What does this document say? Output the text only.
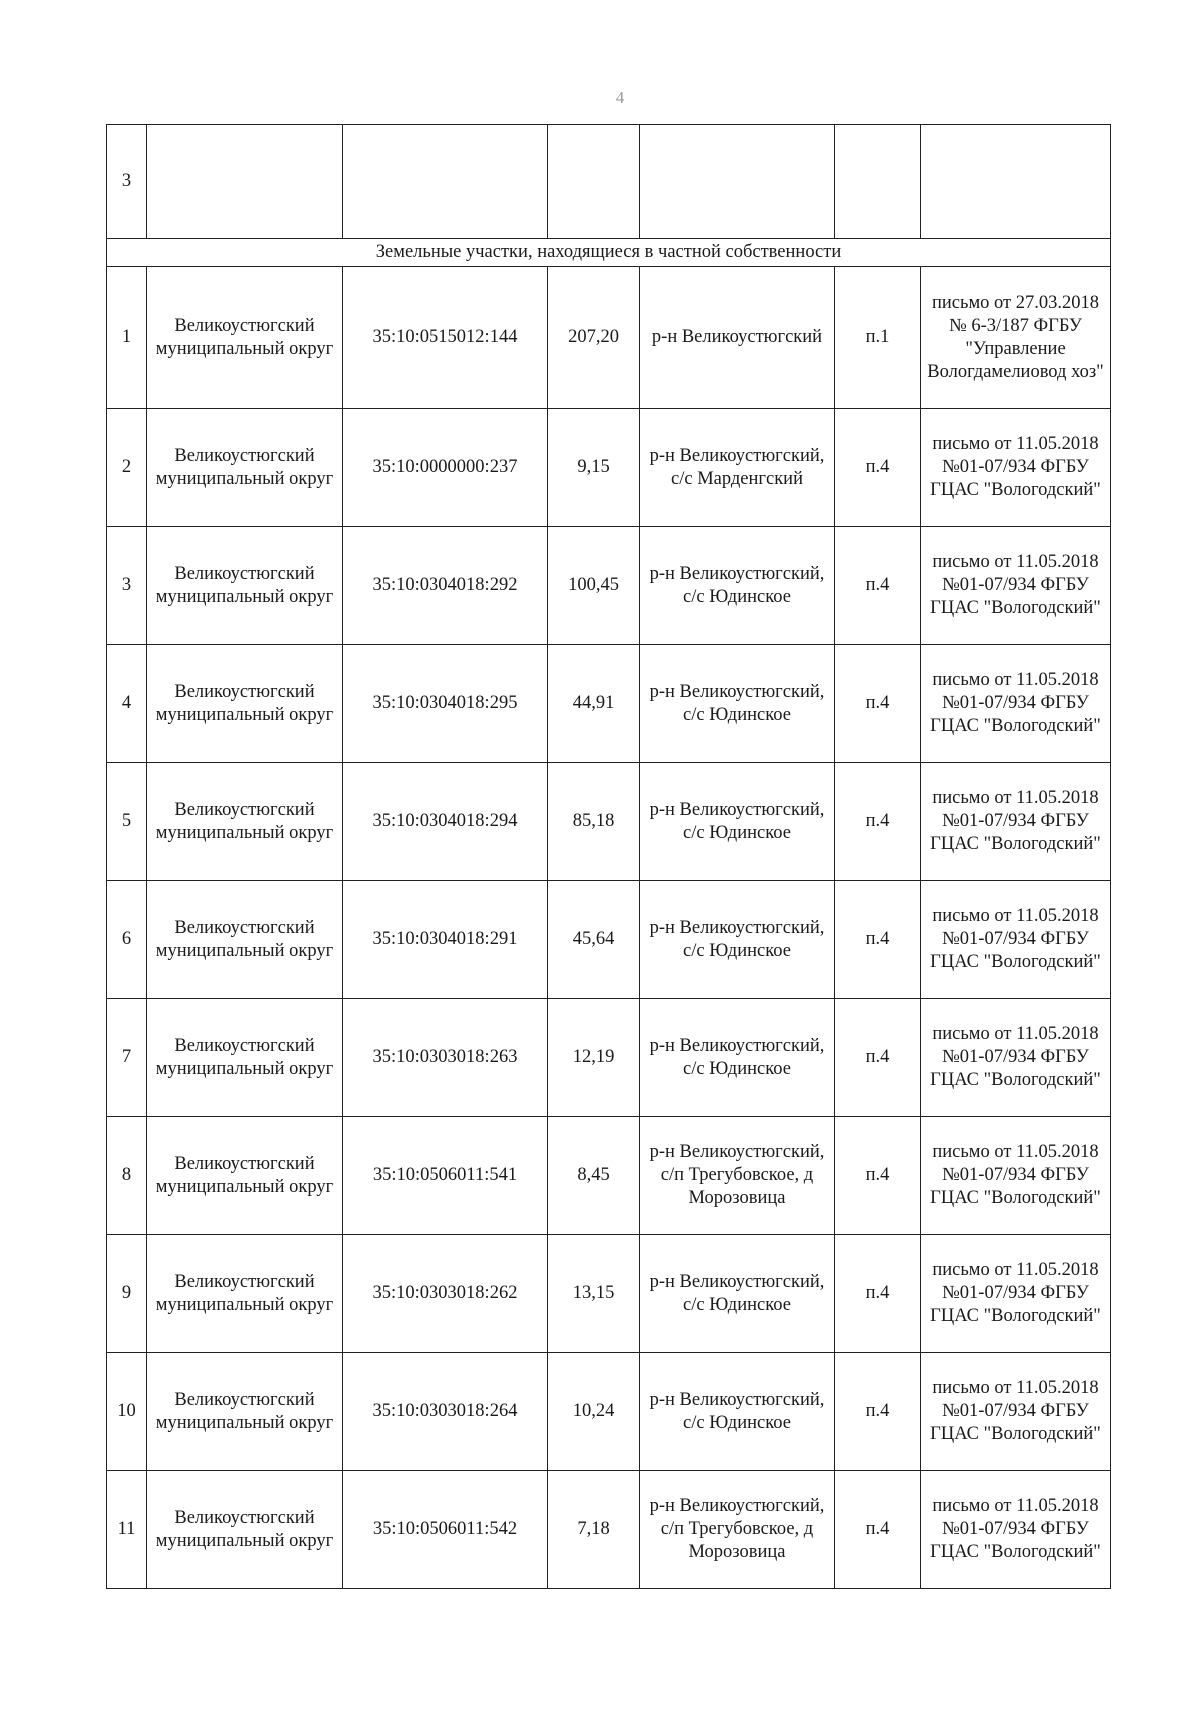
4
3						
Земельные участки, находящиеся в частной собственности						
1	Великоустюгский муниципальный округ	35:10:0515012:144	207,20	р-н Великоустюгский	п.1	письмо от 27.03.2018 № 6-3/187 ФГБУ "Управление Вологдамелиовод хоз"
2	Великоустюгский муниципальный округ	35:10:0000000:237	9,15	р-н Великоустюгский, с/с Марденгский	п.4	письмо от 11.05.2018 №01-07/934 ФГБУ ГЦАС "Вологодский"
3	Великоустюгский муниципальный округ	35:10:0304018:292	100,45	р-н Великоустюгский, с/с Юдинское	п.4	письмо от 11.05.2018 №01-07/934 ФГБУ ГЦАС "Вологодский"
4	Великоустюгский муниципальный округ	35:10:0304018:295	44,91	р-н Великоустюгский, с/с Юдинское	п.4	письмо от 11.05.2018 №01-07/934 ФГБУ ГЦАС "Вологодский"
5	Великоустюгский муниципальный округ	35:10:0304018:294	85,18	р-н Великоустюгский, с/с Юдинское	п.4	письмо от 11.05.2018 №01-07/934 ФГБУ ГЦАС "Вологодский"
6	Великоустюгский муниципальный округ	35:10:0304018:291	45,64	р-н Великоустюгский, с/с Юдинское	п.4	письмо от 11.05.2018 №01-07/934 ФГБУ ГЦАС "Вологодский"
7	Великоустюгский муниципальный округ	35:10:0303018:263	12,19	р-н Великоустюгский, с/с Юдинское	п.4	письмо от 11.05.2018 №01-07/934 ФГБУ ГЦАС "Вологодский"
8	Великоустюгский муниципальный округ	35:10:0506011:541	8,45	р-н Великоустюгский, с/п Трегубовское, д Морозовица	п.4	письмо от 11.05.2018 №01-07/934 ФГБУ ГЦАС "Вологодский"
9	Великоустюгский муниципальный округ	35:10:0303018:262	13,15	р-н Великоустюгский, с/с Юдинское	п.4	письмо от 11.05.2018 №01-07/934 ФГБУ ГЦАС "Вологодский"
10	Великоустюгский муниципальный округ	35:10:0303018:264	10,24	р-н Великоустюгский, с/с Юдинское	п.4	письмо от 11.05.2018 №01-07/934 ФГБУ ГЦАС "Вологодский"
11	Великоустюгский муниципальный округ	35:10:0506011:542	7,18	р-н Великоустюгский, с/п Трегубовское, д Морозовица	п.4	письмо от 11.05.2018 №01-07/934 ФГБУ ГЦАС "Вологодский"
